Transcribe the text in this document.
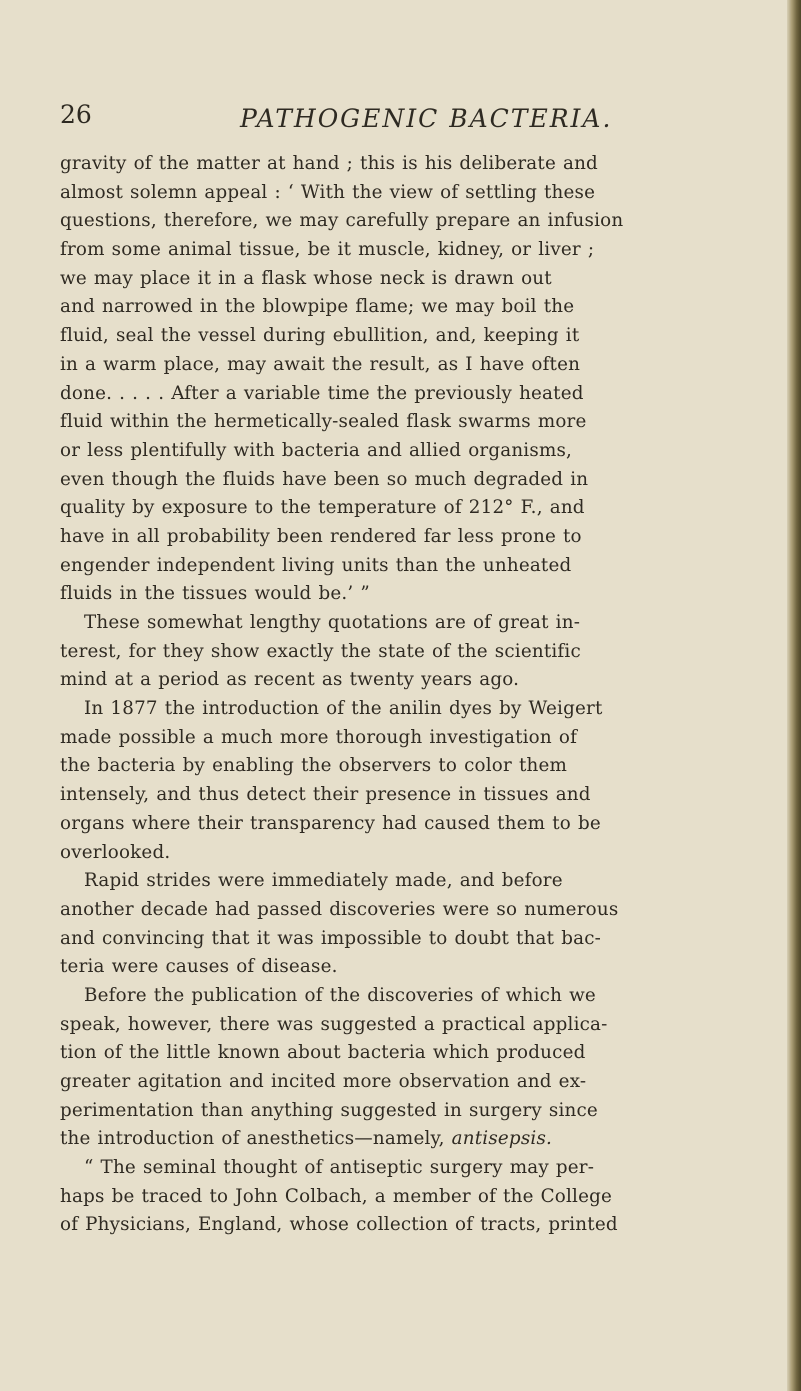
26	PATHOGENIC BACTERIA.
gravity of the matter at hand ; this is his deliberate and
almost solemn appeal : ‘ With the view of settling these
questions, therefore, we may carefully prepare an infusion
from some animal tissue, be it muscle, kidney, or liver ;
we may place it in a flask whose neck is drawn out
and narrowed in the blowpipe flame; we may boil the
fluid, seal the vessel during ebullition, and, keeping it
in a warm place, may await the result, as I have often
done. . . . . After a variable time the previously heated
fluid within the hermetically-sealed flask swarms more
or less plentifully with bacteria and allied organisms,
even though the fluids have been so much degraded in
quality by exposure to the temperature of 212° F., and
have in all probability been rendered far less prone to
engender independent living units than the unheated
fluids in the tissues would be.’ ”
These somewhat lengthy quotations are of great in-
terest, for they show exactly the state of the scientific
mind at a period as recent as twenty years ago.
In 1877 the introduction of the anilin dyes by Weigert
made possible a much more thorough investigation of
the bacteria by enabling the observers to color them
intensely, and thus detect their presence in tissues and
organs where their transparency had caused them to be
overlooked.
Rapid strides were immediately made, and before
another decade had passed discoveries were so numerous
and convincing that it was impossible to doubt that bac-
teria were causes of disease.
Before the publication of the discoveries of which we
speak, however, there was suggested a practical applica-
tion of the little known about bacteria which produced
greater agitation and incited more observation and ex-
perimentation than anything suggested in surgery since
the introduction of anesthetics—namely, antisepsis.
“ The seminal thought of antiseptic surgery may per-
haps be traced to John Colbach, a member of the College
of Physicians, England, whose collection of tracts, printed
